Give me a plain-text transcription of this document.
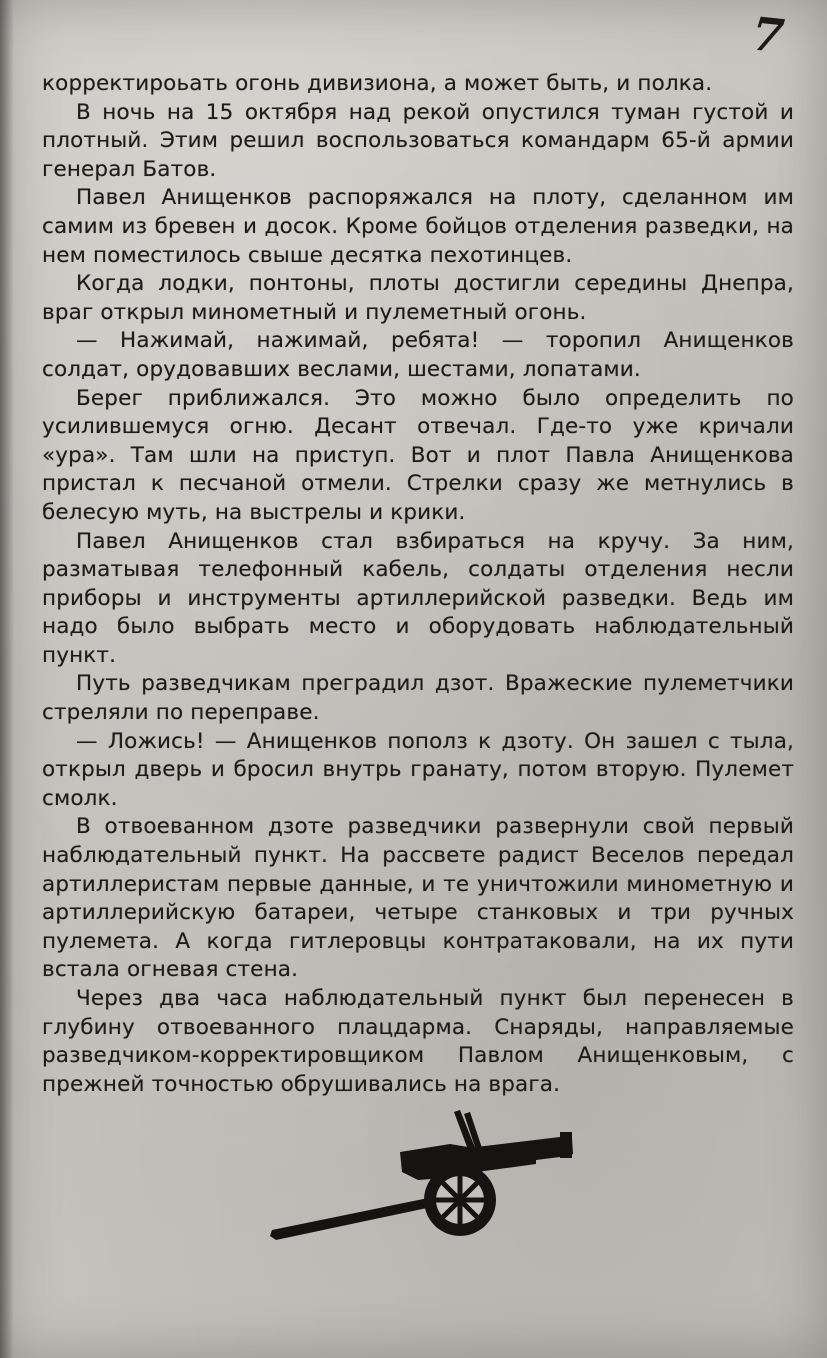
7

корректироьать огонь дивизиона, а может быть, и полка.

В ночь на 15 октября над рекой опустился туман густой и плотный. Этим решил воспользоваться командарм 65-й армии генерал Батов.

Павел Анищенков распоряжался на плоту, сделанном им самим из бревен и досок. Кроме бойцов отделения разведки, на нем поместилось свыше десятка пехотинцев.

Когда лодки, понтоны, плоты достигли середины Днепра, враг открыл минометный и пулеметный огонь.

— Нажимай, нажимай, ребята! — торопил Анищенков солдат, орудовавших веслами, шестами, лопатами.

Берег приближался. Это можно было определить по усилившемуся огню. Десант отвечал. Где-то уже кричали «ура». Там шли на приступ. Вот и плот Павла Анищенкова пристал к песчаной отмели. Стрелки сразу же метнулись в белесую муть, на выстрелы и крики.

Павел Анищенков стал взбираться на кручу. За ним, разматывая телефонный кабель, солдаты отделения несли приборы и инструменты артиллерийской разведки. Ведь им надо было выбрать место и оборудовать наблюдательный пункт.

Путь разведчикам преградил дзот. Вражеские пулеметчики стреляли по переправе.

— Ложись! — Анищенков пополз к дзоту. Он зашел с тыла, открыл дверь и бросил внутрь гранату, потом вторую. Пулемет смолк.

В отвоеванном дзоте разведчики развернули свой первый наблюдательный пункт. На рассвете радист Веселов передал артиллеристам первые данные, и те уничтожили минометную и артиллерийскую батареи, четыре станковых и три ручных пулемета. А когда гитлеровцы контратаковали, на их пути встала огневая стена.

Через два часа наблюдательный пункт был перенесен в глубину отвоеванного плацдарма. Снаряды, направляемые разведчиком-корректировщиком Павлом Анищенковым, с прежней точностью обрушивались на врага.
